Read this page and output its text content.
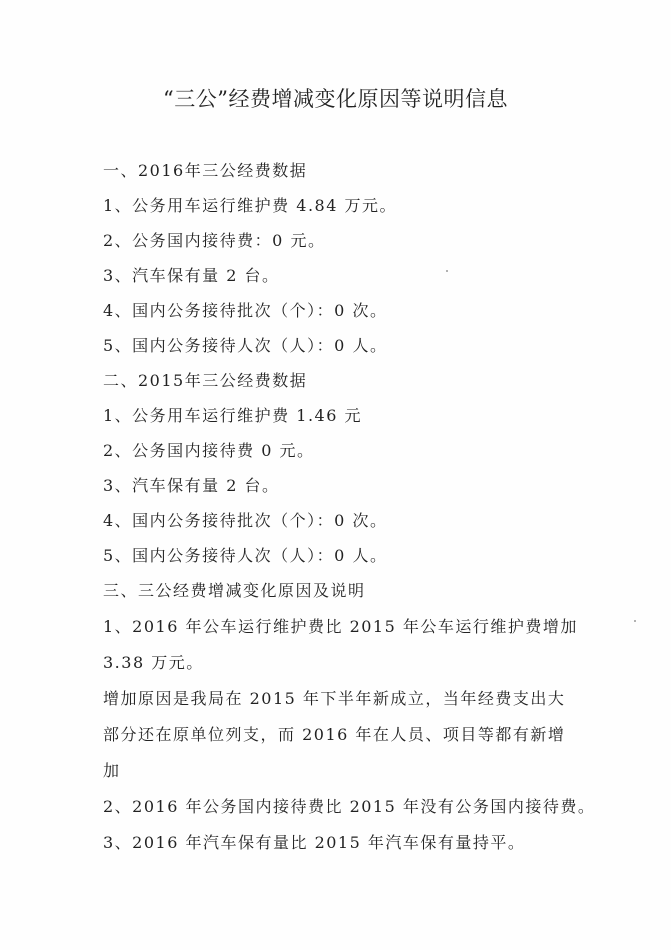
“三公”经费增减变化原因等说明信息
一、2016年三公经费数据
1、公务用车运行维护费 4.84 万元。
2、公务国内接待费：0 元。
3、汽车保有量 2 台。
4、国内公务接待批次（个）：0 次。
5、国内公务接待人次（人）：0 人。
二、2015年三公经费数据
1、公务用车运行维护费 1.46 元
2、公务国内接待费 0 元。
3、汽车保有量 2 台。
4、国内公务接待批次（个）：0 次。
5、国内公务接待人次（人）：0 人。
三、三公经费增减变化原因及说明
1、2016 年公车运行维护费比 2015 年公车运行维护费增加
3.38 万元。
增加原因是我局在 2015 年下半年新成立，当年经费支出大
部分还在原单位列支，而 2016 年在人员、项目等都有新增
加
2、2016 年公务国内接待费比 2015 年没有公务国内接待费。
3、2016 年汽车保有量比 2015 年汽车保有量持平。
